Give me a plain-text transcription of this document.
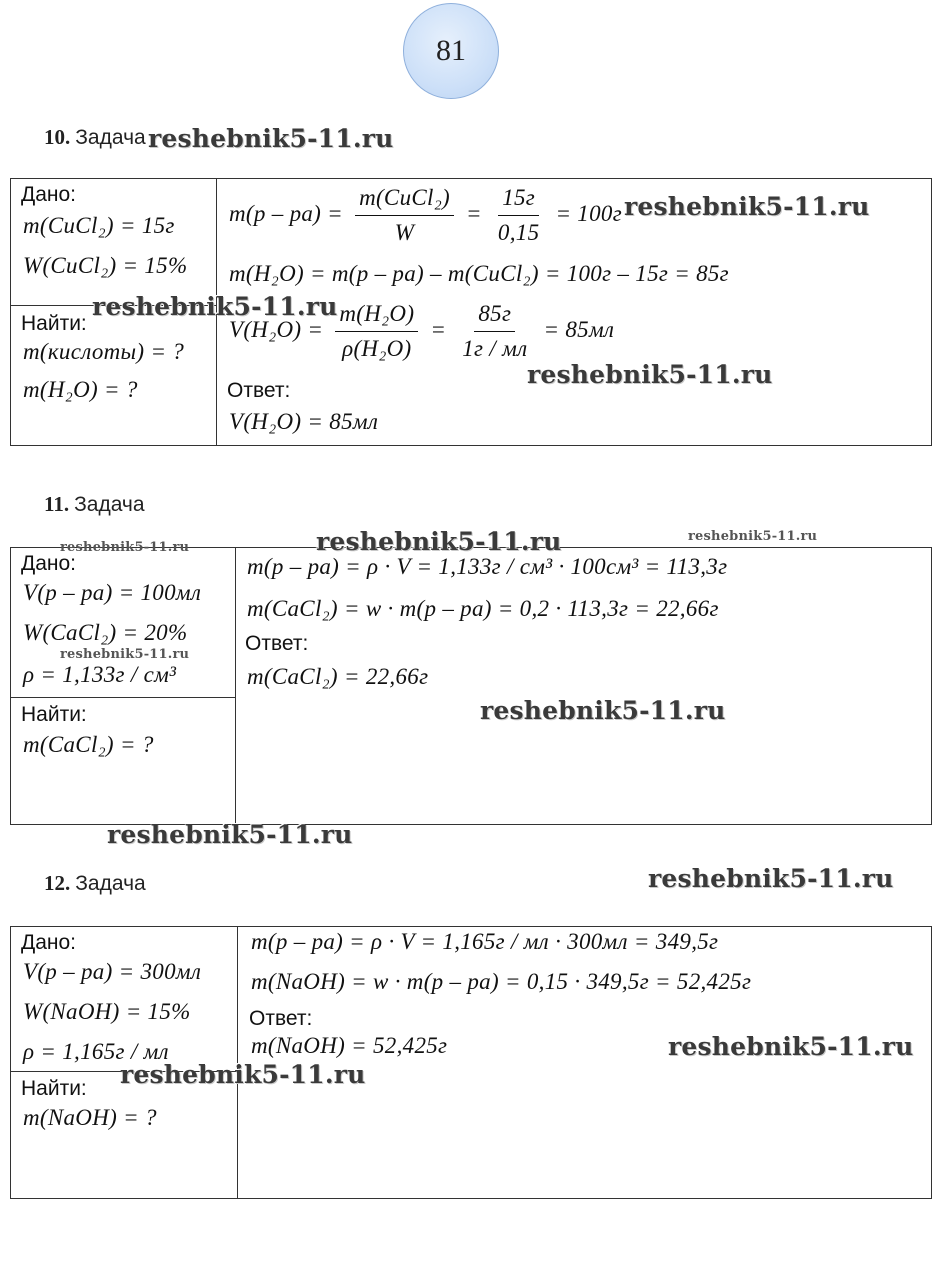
81
10. Задача
Дано:
m(CuCl₂) = 15г
W(CuCl₂) = 15%
Найти:
m(кислоты) = ?
m(H₂O) = ?
$m(p - pa) = \frac{\text{m(CuCl₂)}}{W} = \frac{15г}{0,15} = 100г$
m(H₂O) = m(p – pa) – m(CuCl₂) = 100г – 15г = 85г
$V(H_2O) = \frac{\text{m(H₂O)}}{\text{ρ(H₂O)}} = \frac{85г}{1г / мл} = 85мл$
Ответ:
V(H₂O) = 85мл
11. Задача
Дано:
V(p – pa) = 100мл
W(CaCl₂) = 20%
ρ = 1,133г / см³
Найти:
m(CaCl₂) = ?
m(p – pa) = ρ · V = 1,133г / см³ · 100см³ = 113,3г
m(CaCl₂) = w · m(p – pa) = 0,2 · 113,3г = 22,66г
Ответ:
m(CaCl₂) = 22,66г
12. Задача
Дано:
V(p – pa) = 300мл
W(NaOH) = 15%
ρ = 1,165г / мл
Найти:
m(NaOH) = ?
m(p – pa) = ρ · V = 1,165г / мл · 300мл = 349,5г
m(NaOH) = w · m(p – pa) = 0,15 · 349,5г = 52,425г
Ответ:
m(NaOH) = 52,425г
reshebnik5-11.ru
reshebnik5-11.ru
reshebnik5-11.ru
reshebnik5-11.ru
reshebnik5-11.ru	reshebnik5-11.ru
reshebnik5-11.ru
reshebnik5-11.ru
reshebnik5-11.ru
reshebnik5-11.ru
reshebnik5-11.ru
reshebnik5-11.ru
reshebnik5-11.ru
